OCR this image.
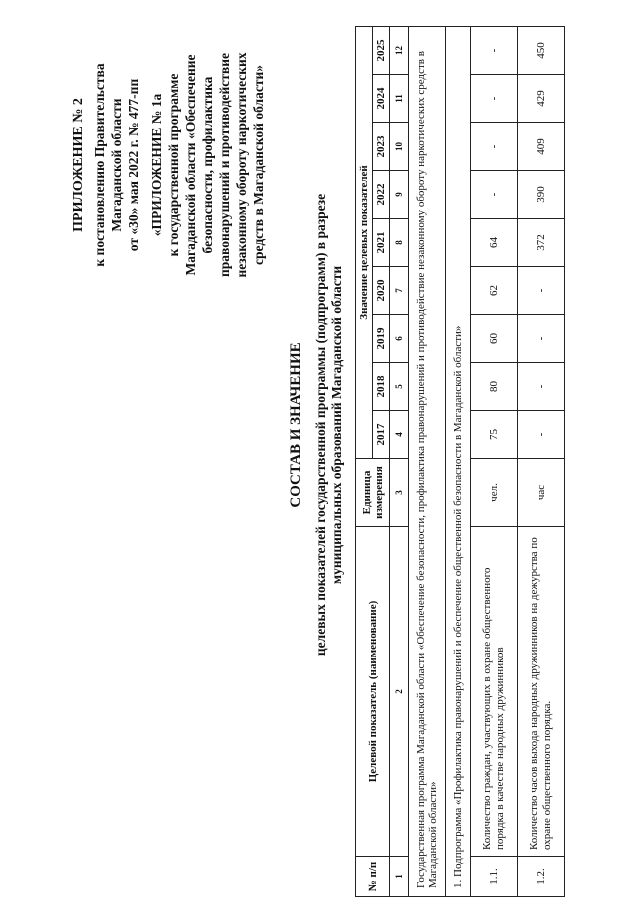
ПРИЛОЖЕНИЕ № 2 к постановлению Правительства Магаданской области от «30» мая 2022 г. № 477-пп «ПРИЛОЖЕНИЕ № 1а к государственной программе Магаданской области «Обеспечение безопасности, профилактика правонарушений и противодействие незаконному обороту наркотических средств в Магаданской области»
СОСТАВ И ЗНАЧЕНИЕ целевых показателей государственной программы (подпрограмм) в разрезе муниципальных образований Магаданской области
№ п/п	Целевой показатель (наименование)	Единица измерения	Значение целевых показателей								
			2017	2018	2019	2020	2021	2022	2023	2024	2025
1	2	3	4	5	6	7	8	9	10	11	12
Государственная программа Магаданской области «Обеспечение безопасности, профилактика правонарушений и противодействие незаконному обороту наркотических средств в Магаданской области»											
1. Подпрограмма «Профилактика правонарушений и обеспечение общественной безопасности в Магаданской области»											
1.1.	Количество граждан, участвующих в охране общественного порядка в качестве народных дружинников	чел.	75	80	60	62	64	-	-	-	-
1.2.	Количество часов выхода народных дружинников на дежурства по охране общественного порядка.	час	-	-	-	-	372	390	409	429	450
